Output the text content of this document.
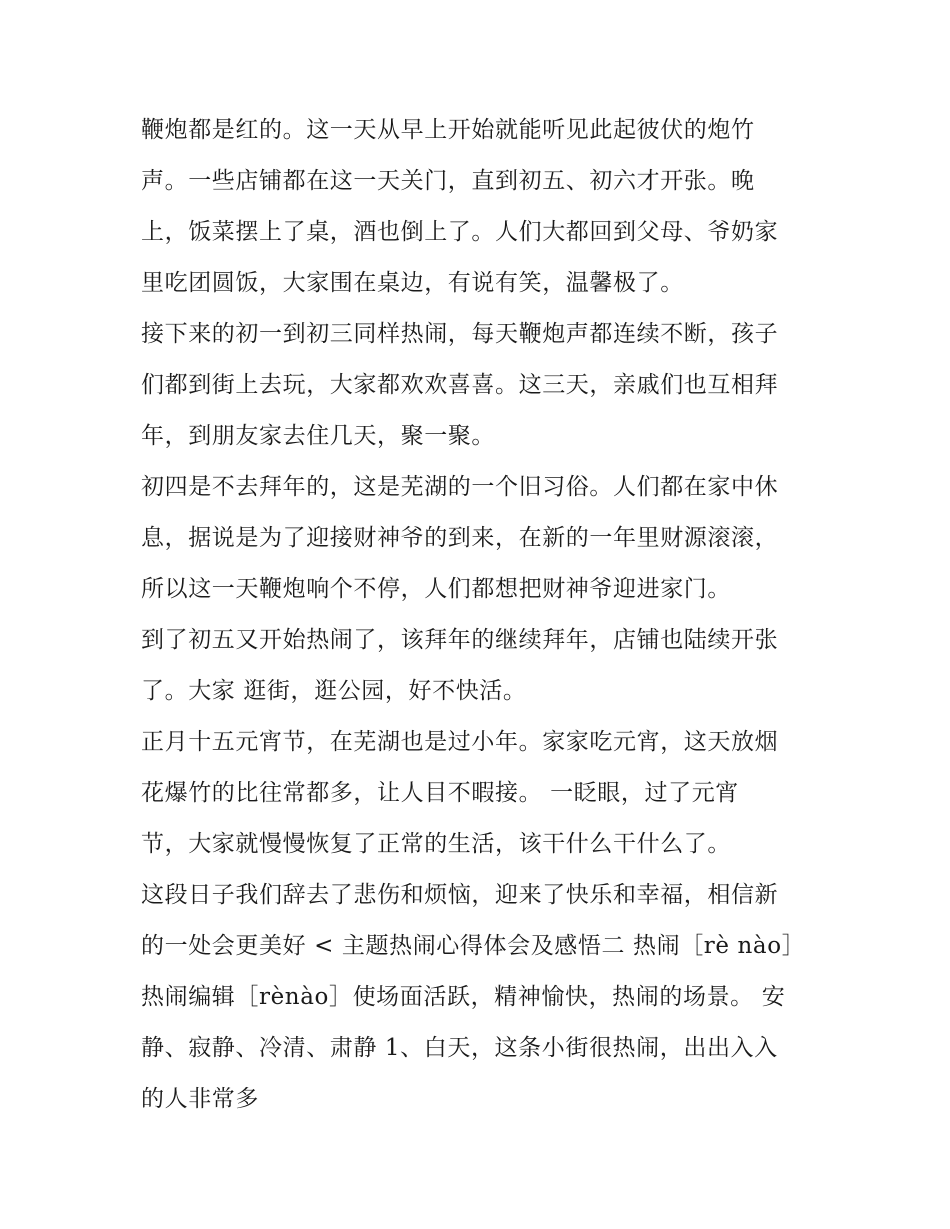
鞭炮都是红的。这一天从早上开始就能听见此起彼伏的炮竹
声。一些店铺都在这一天关门，直到初五、初六才开张。晚
上，饭菜摆上了桌，酒也倒上了。人们大都回到父母、爷奶家
里吃团圆饭，大家围在桌边，有说有笑，温馨极了。
接下来的初一到初三同样热闹，每天鞭炮声都连续不断，孩子
们都到街上去玩，大家都欢欢喜喜。这三天，亲戚们也互相拜
年，到朋友家去住几天，聚一聚。
初四是不去拜年的，这是芜湖的一个旧习俗。人们都在家中休
息，据说是为了迎接财神爷的到来，在新的一年里财源滚滚，
所以这一天鞭炮响个不停，人们都想把财神爷迎进家门。
到了初五又开始热闹了，该拜年的继续拜年，店铺也陆续开张
了。大家 逛街，逛公园，好不快活。
正月十五元宵节，在芜湖也是过小年。家家吃元宵，这天放烟
花爆竹的比往常都多，让人目不暇接。 一眨眼，过了元宵
节，大家就慢慢恢复了正常的生活，该干什么干什么了。
这段日子我们辞去了悲伤和烦恼，迎来了快乐和幸福，相信新
的一处会更美好 < 主题热闹心得体会及感悟二 热闹［rè nào］
热闹编辑［rènào］使场面活跃，精神愉快，热闹的场景。 安
静、寂静、冷清、肃静 1、白天，这条小街很热闹，出出入入
的人非常多
